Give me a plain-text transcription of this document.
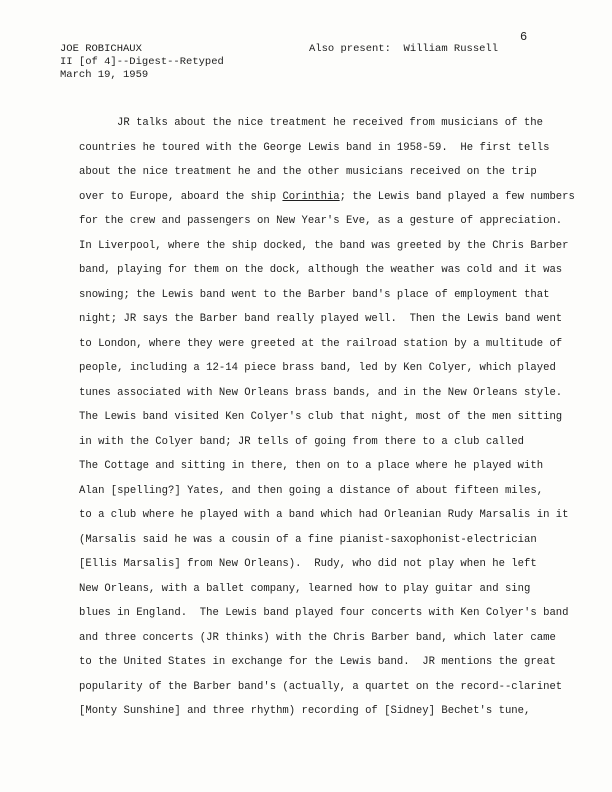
6
JOE ROBICHAUX
II [of 4]--Digest--Retyped
March 19, 1959
Also present:  William Russell
JR talks about the nice treatment he received from musicians of the
countries he toured with the George Lewis band in 1958-59.  He first tells
about the nice treatment he and the other musicians received on the trip
over to Europe, aboard the ship Corinthia; the Lewis band played a few numbers
for the crew and passengers on New Year's Eve, as a gesture of appreciation.
In Liverpool, where the ship docked, the band was greeted by the Chris Barber
band, playing for them on the dock, although the weather was cold and it was
snowing; the Lewis band went to the Barber band's place of employment that
night; JR says the Barber band really played well.  Then the Lewis band went
to London, where they were greeted at the railroad station by a multitude of
people, including a 12-14 piece brass band, led by Ken Colyer, which played
tunes associated with New Orleans brass bands, and in the New Orleans style.
The Lewis band visited Ken Colyer's club that night, most of the men sitting
in with the Colyer band; JR tells of going from there to a club called
The Cottage and sitting in there, then on to a place where he played with
Alan [spelling?] Yates, and then going a distance of about fifteen miles,
to a club where he played with a band which had Orleanian Rudy Marsalis in it
(Marsalis said he was a cousin of a fine pianist-saxophonist-electrician
[Ellis Marsalis] from New Orleans).  Rudy, who did not play when he left
New Orleans, with a ballet company, learned how to play guitar and sing
blues in England.  The Lewis band played four concerts with Ken Colyer's band
and three concerts (JR thinks) with the Chris Barber band, which later came
to the United States in exchange for the Lewis band.  JR mentions the great
popularity of the Barber band's (actually, a quartet on the record--clarinet
[Monty Sunshine] and three rhythm) recording of [Sidney] Bechet's tune,
